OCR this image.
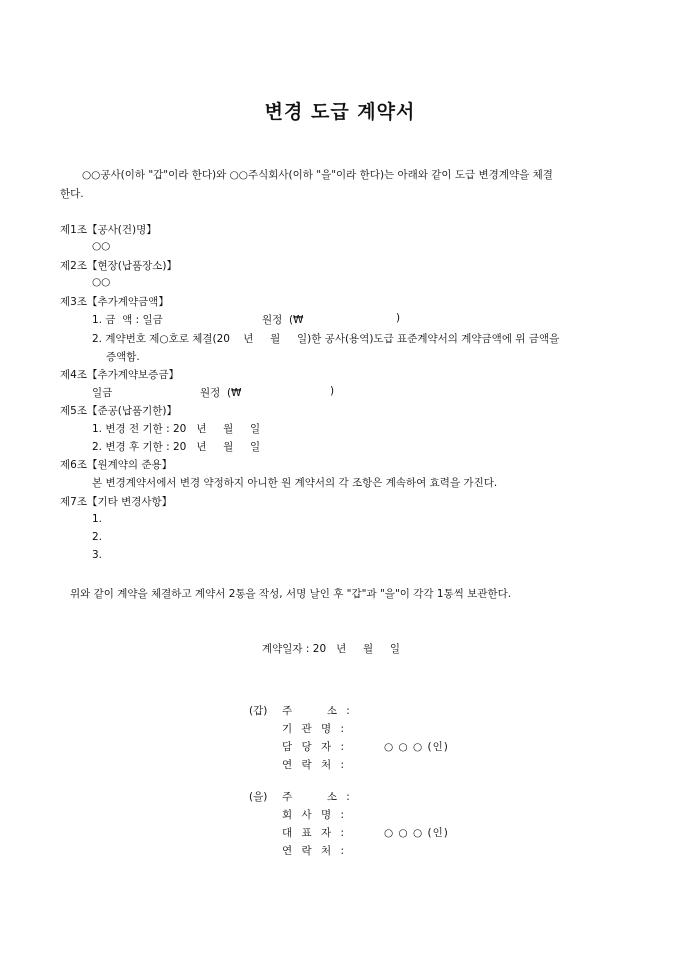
변경 도급 계약서
○○공사(이하 "갑"이라 한다)와 ○○주식회사(이하 "을"이라 한다)는 아래와 같이 도급 변경계약을 체결
한다.
제1조【공사(건)명】
○○
제2조【현장(납품장소)】
○○
제3조【추가계약금액】
1. 금  액 : 일금	원정  (₩	)
2. 계약번호 제○호로 체결(20    년     월     일)한 공사(용역)도급 표준계약서의 계약금액에 위 금액을
증액함.
제4조【추가계약보증금】
일금	원정  (₩	)
제5조【준공(납품기한)】
1. 변경 전 기한 : 20   년     월     일
2. 변경 후 기한 : 20   년     월     일
제6조【원계약의 준용】
본 변경계약서에서 변경 약정하지 아니한 원 계약서의 각 조항은 계속하여 효력을 가진다.
제7조【기타 변경사항】
1.
2.
3.
위와 같이 계약을 체결하고 계약서 2통을 작성, 서명 날인 후 "갑"과 "을"이 각각 1통씩 보관한다.
계약일자 : 20   년     월     일
(갑) 주     소 :
기 관 명 :
담 당 자 :	○ ○ ○ (인)
연 락 처 :
(을) 주     소 :
회 사 명 :
대 표 자 :	○ ○ ○ (인)
연 락 처 :
